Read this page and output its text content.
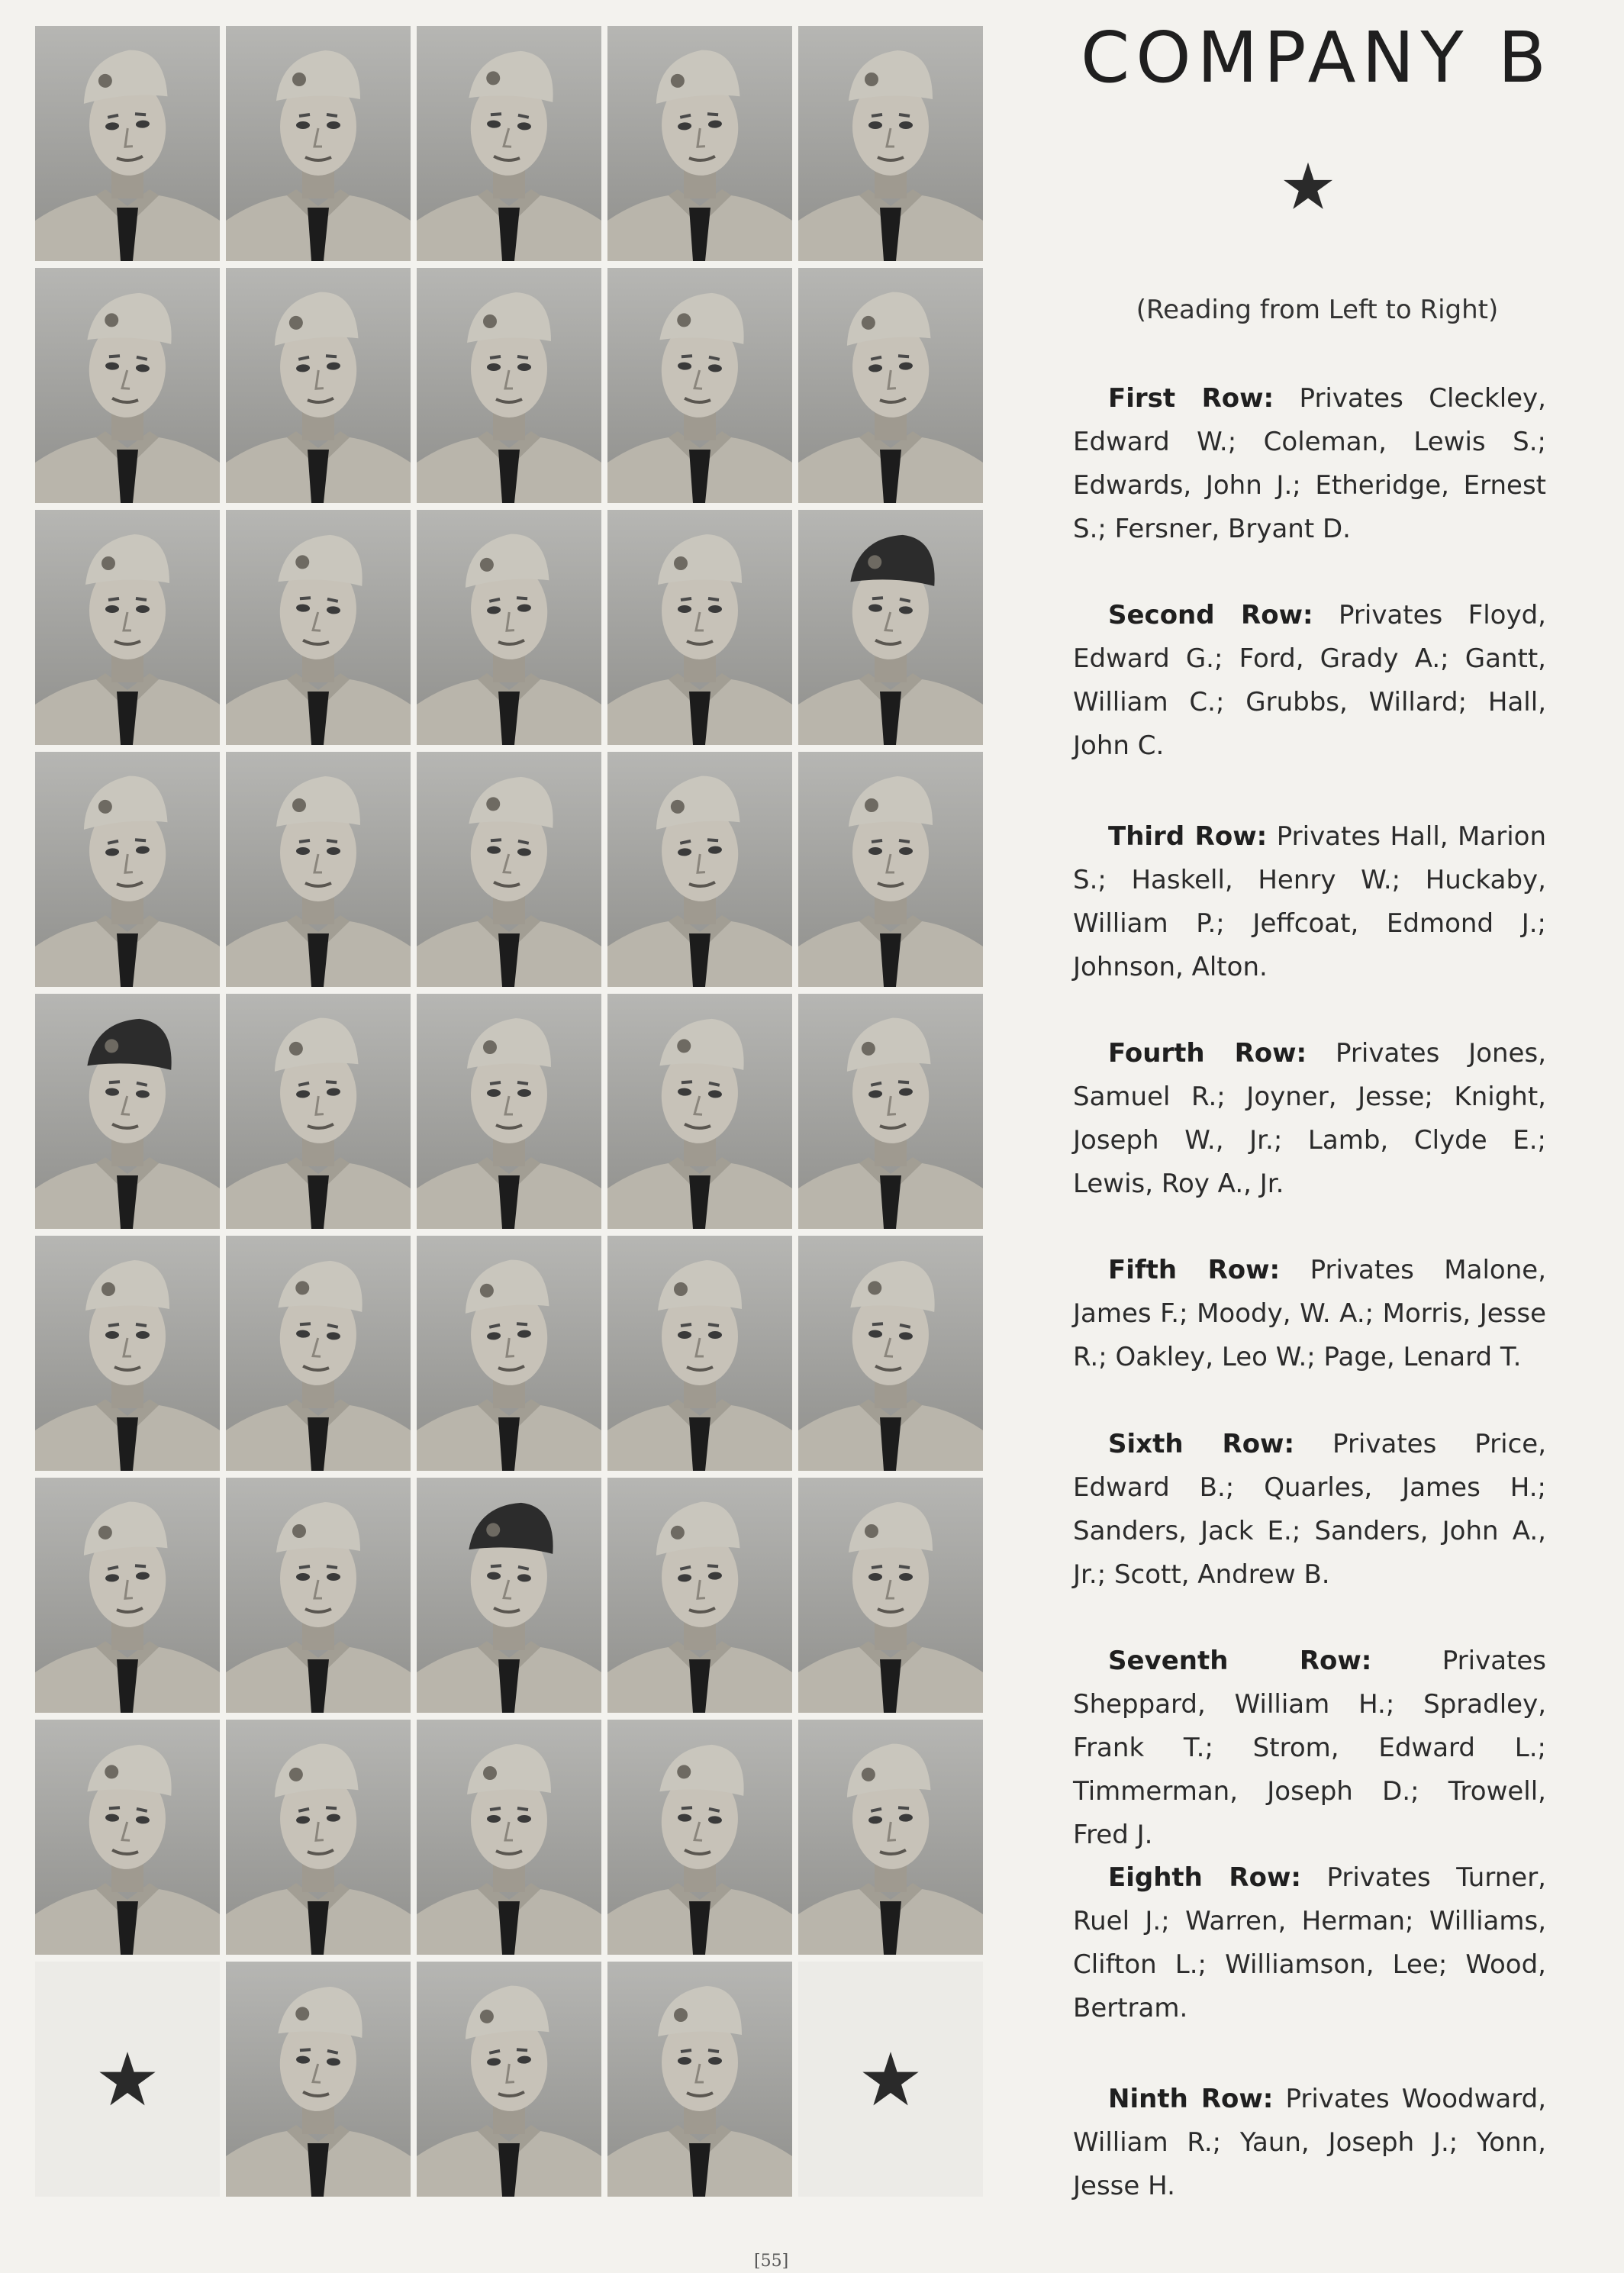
COMPANY B
(Reading from Left to Right)

First Row: Privates Cleckley, Edward W.; Coleman, Lewis S.; Edwards, John J.; Etheridge, Ernest S.; Fersner, Bryant D.

Second Row: Privates Floyd, Edward G.; Ford, Grady A.; Gantt, William C.; Grubbs, Willard; Hall, John C.

Third Row: Privates Hall, Marion S.; Haskell, Henry W.; Huckaby, William P.; Jeffcoat, Edmond J.; Johnson, Alton.

Fourth Row: Privates Jones, Samuel R.; Joyner, Jesse; Knight, Joseph W., Jr.; Lamb, Clyde E.; Lewis, Roy A., Jr.

Fifth Row: Privates Malone, James F.; Moody, W. A.; Morris, Jesse R.; Oakley, Leo W.; Page, Lenard T.

Sixth Row: Privates Price, Edward B.; Quarles, James H.; Sanders, Jack E.; Sanders, John A., Jr.; Scott, Andrew B.

Seventh Row:	Privates Sheppard, William H.; Spradley, Frank T.; Strom, Edward L.; Timmerman, Joseph D.; Trowell, Fred J.

Eighth Row: Privates Turner, Ruel J.; Warren, Herman; Williams, Clifton L.; Williamson, Lee; Wood, Bertram.

Ninth Row: Privates Woodward, William R.; Yaun, Joseph J.; Yonn, Jesse H.

[55]
